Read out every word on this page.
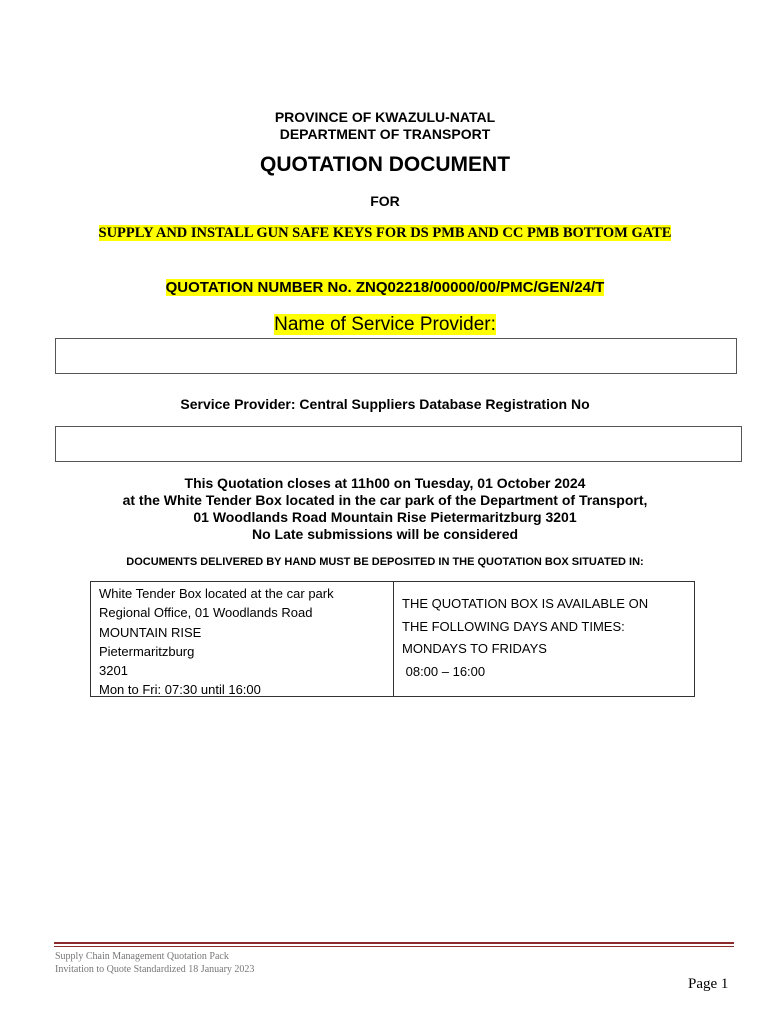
PROVINCE OF KWAZULU-NATAL
DEPARTMENT OF TRANSPORT
QUOTATION DOCUMENT
FOR
SUPPLY AND INSTALL GUN SAFE KEYS FOR DS PMB AND CC PMB BOTTOM GATE
QUOTATION NUMBER No. ZNQ02218/00000/00/PMC/GEN/24/T
Name of Service Provider:
Service Provider: Central Suppliers Database Registration No
This Quotation closes at 11h00 on Tuesday, 01 October 2024
at the White Tender Box located in the car park of the Department of Transport,
01 Woodlands Road Mountain Rise Pietermaritzburg 3201
No Late submissions will be considered
DOCUMENTS DELIVERED BY HAND MUST BE DEPOSITED IN THE QUOTATION BOX SITUATED IN:
White Tender Box located at the car park
Regional Office, 01 Woodlands Road
MOUNTAIN RISE
Pietermaritzburg
3201
Mon to Fri: 07:30 until 16:00
THE QUOTATION BOX IS AVAILABLE ON
THE FOLLOWING DAYS AND TIMES:
MONDAYS TO FRIDAYS
08:00 – 16:00
Supply Chain Management Quotation Pack
Invitation to Quote Standardized 18 January 2023
Page 1
